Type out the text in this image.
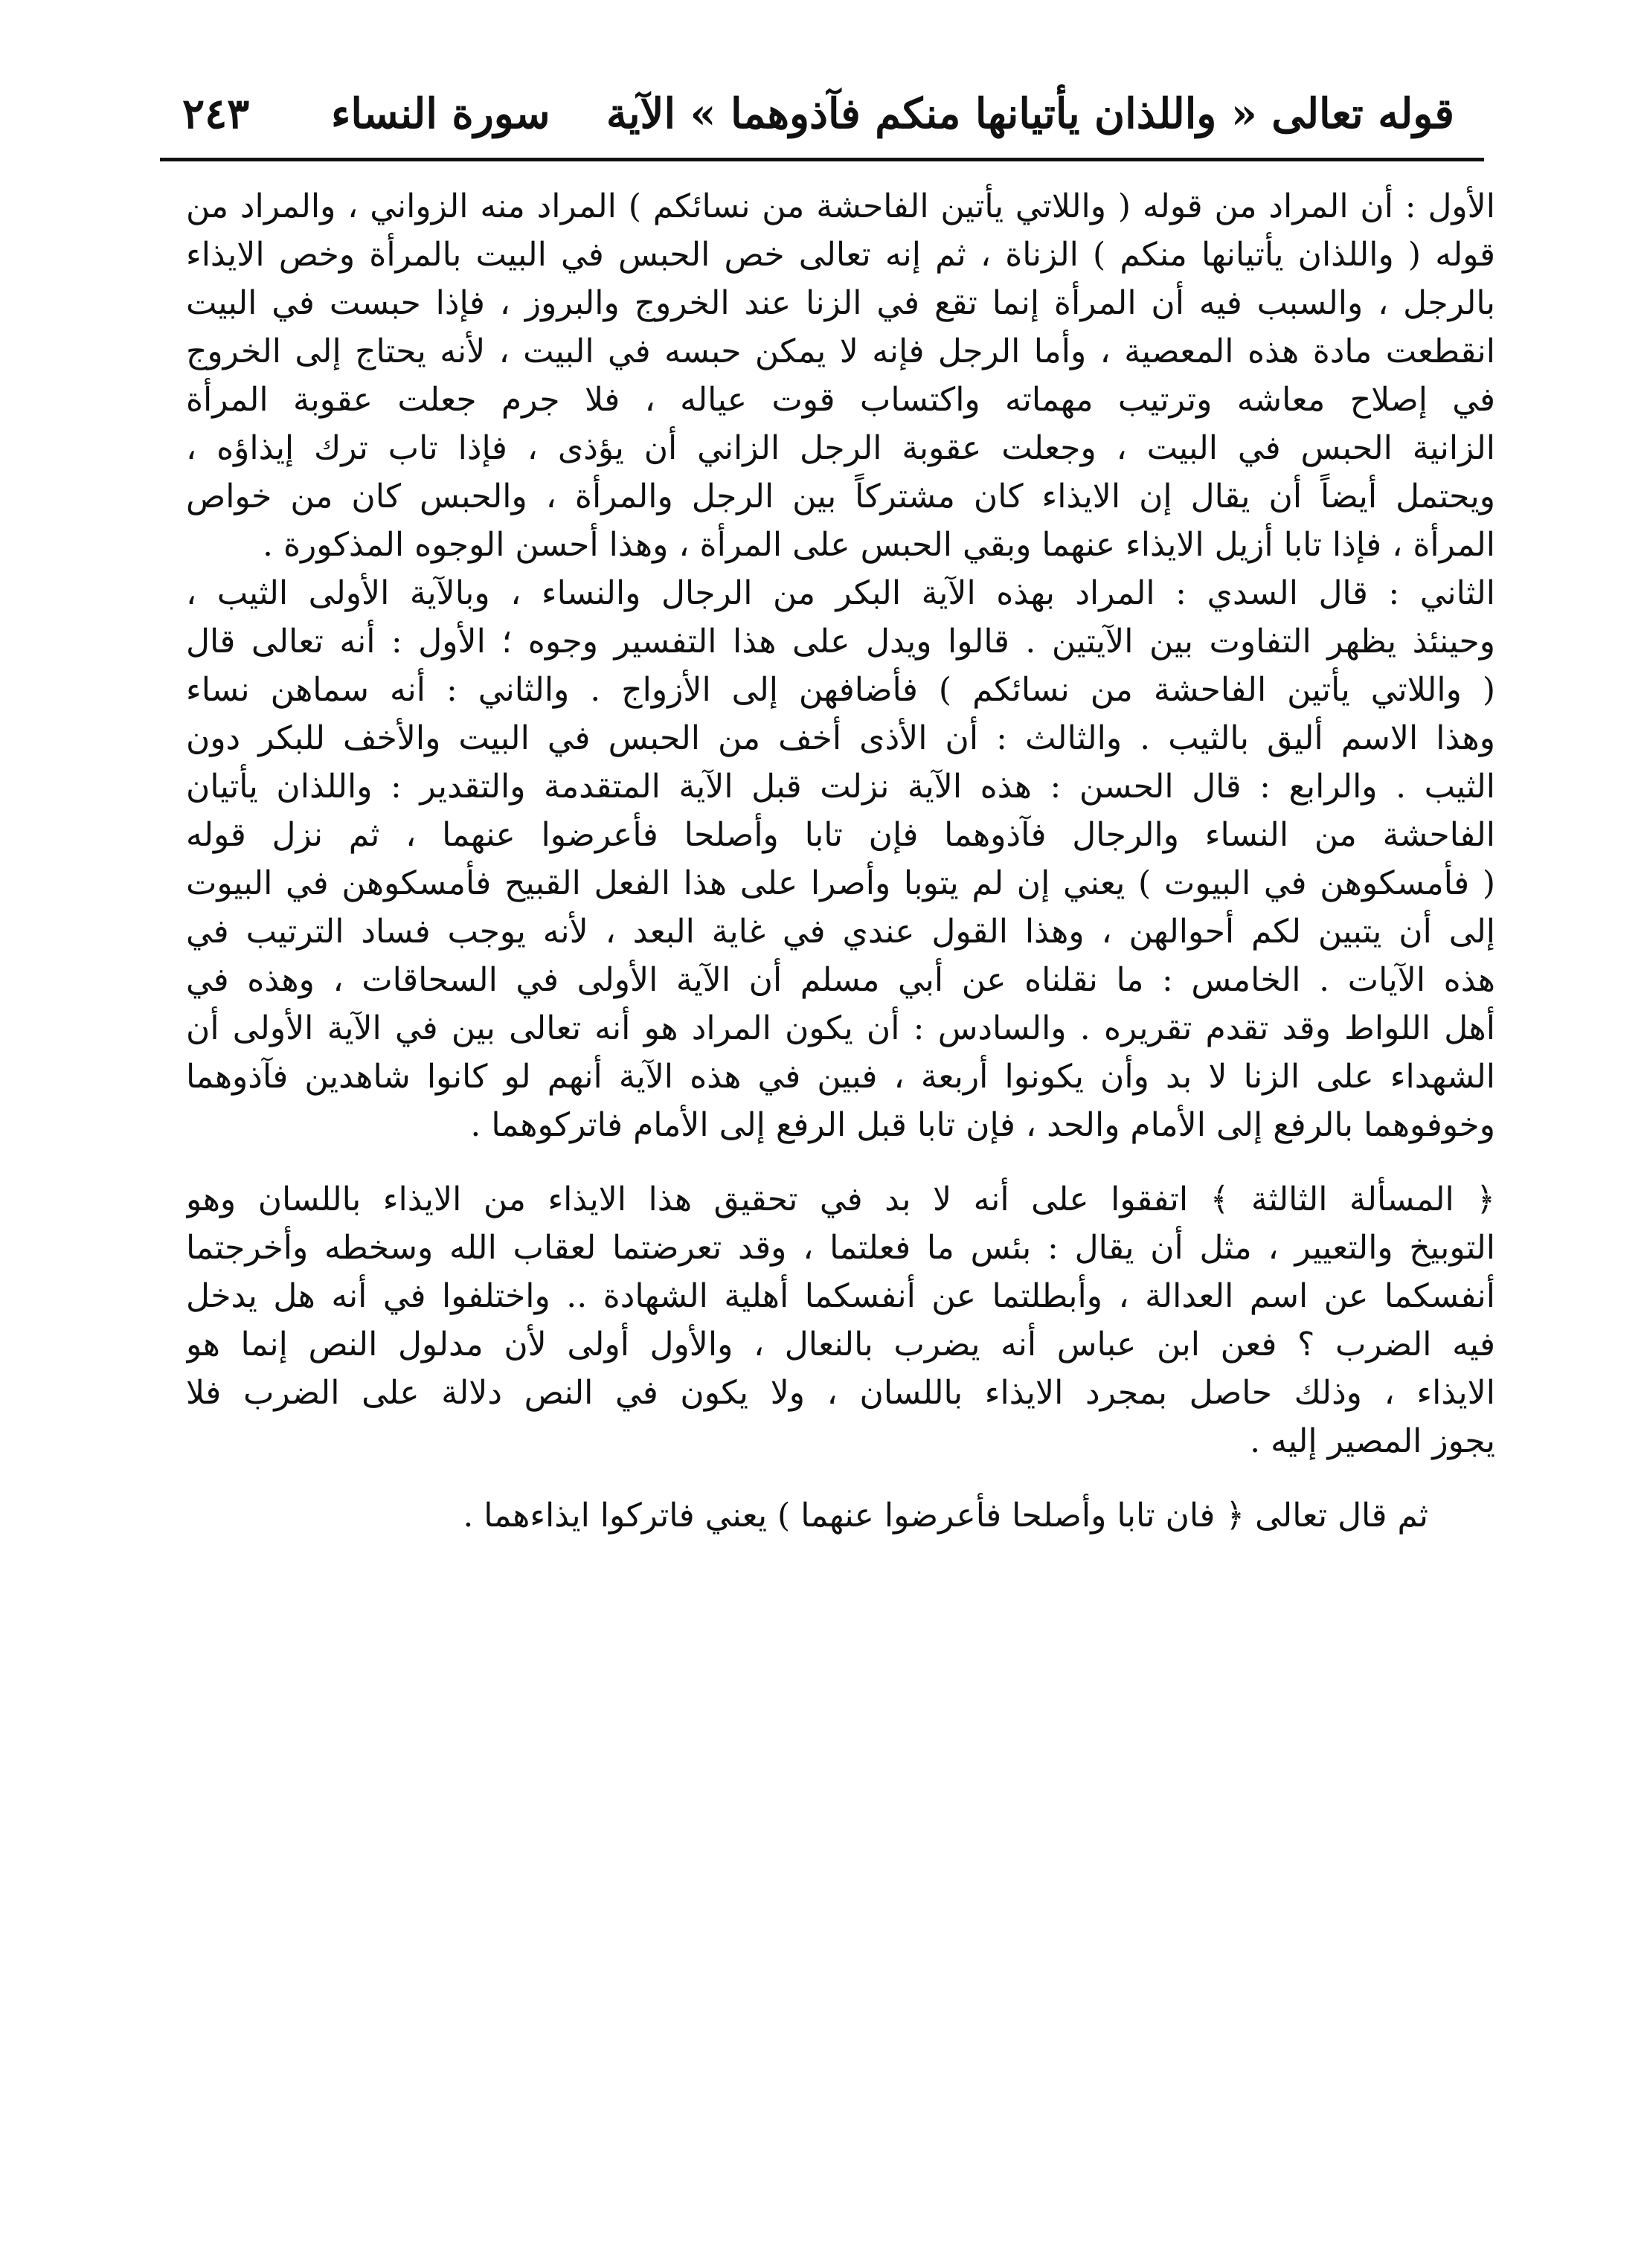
قوله تعالى « واللذان يأتيانها منكم فآذوهما » الآية
سورة النساء
٢٤٣
الأول : أن المراد من قوله ( واللاتي يأتين الفاحشة من نسائكم ) المراد منه الزواني ، والمراد من
قوله ( واللذان يأتيانها منكم ) الزناة ، ثم إنه تعالى خص الحبس في البيت بالمرأة وخص الايذاء
بالرجل ، والسبب فيه أن المرأة إنما تقع في الزنا عند الخروج والبروز ، فإذا حبست في البيت
انقطعت مادة هذه المعصية ، وأما الرجل فإنه لا يمكن حبسه في البيت ، لأنه يحتاج إلى الخروج
في إصلاح معاشه وترتيب مهماته واكتساب قوت عياله ، فلا جرم جعلت عقوبة المرأة
الزانية الحبس في البيت ، وجعلت عقوبة الرجل الزاني أن يؤذى ، فإذا تاب ترك إيذاؤه ،
ويحتمل أيضاً أن يقال إن الايذاء كان مشتركاً بين الرجل والمرأة ، والحبس كان من خواص
المرأة ، فإذا تابا أزيل الايذاء عنهما وبقي الحبس على المرأة ، وهذا أحسن الوجوه المذكورة .
الثاني : قال السدي : المراد بهذه الآية البكر من الرجال والنساء ، وبالآية الأولى الثيب ،
وحينئذ يظهر التفاوت بين الآيتين . قالوا ويدل على هذا التفسير وجوه ؛ الأول : أنه تعالى قال
( واللاتي يأتين الفاحشة من نسائكم ) فأضافهن إلى الأزواج . والثاني : أنه سماهن نساء
وهذا الاسم أليق بالثيب . والثالث : أن الأذى أخف من الحبس في البيت والأخف للبكر دون
الثيب . والرابع : قال الحسن : هذه الآية نزلت قبل الآية المتقدمة والتقدير : واللذان يأتيان
الفاحشة من النساء والرجال فآذوهما فإن تابا وأصلحا فأعرضوا عنهما ، ثم نزل قوله
( فأمسكوهن في البيوت ) يعني إن لم يتوبا وأصرا على هذا الفعل القبيح فأمسكوهن في البيوت
إلى أن يتبين لكم أحوالهن ، وهذا القول عندي في غاية البعد ، لأنه يوجب فساد الترتيب في
هذه الآيات . الخامس : ما نقلناه عن أبي مسلم أن الآية الأولى في السحاقات ، وهذه في
أهل اللواط وقد تقدم تقريره . والسادس : أن يكون المراد هو أنه تعالى بين في الآية الأولى أن
الشهداء على الزنا لا بد وأن يكونوا أربعة ، فبين في هذه الآية أنهم لو كانوا شاهدين فآذوهما
وخوفوهما بالرفع إلى الأمام والحد ، فإن تابا قبل الرفع إلى الأمام فاتركوهما .
﴿ المسألة الثالثة ﴾ اتفقوا على أنه لا بد في تحقيق هذا الايذاء من الايذاء باللسان وهو
التوبيخ والتعيير ، مثل أن يقال : بئس ما فعلتما ، وقد تعرضتما لعقاب الله وسخطه وأخرجتما
أنفسكما عن اسم العدالة ، وأبطلتما عن أنفسكما أهلية الشهادة .. واختلفوا في أنه هل يدخل
فيه الضرب ؟ فعن ابن عباس أنه يضرب بالنعال ، والأول أولى لأن مدلول النص إنما هو
الايذاء ، وذلك حاصل بمجرد الايذاء باللسان ، ولا يكون في النص دلالة على الضرب فلا
يجوز المصير إليه .
ثم قال تعالى ﴿ فان تابا وأصلحا فأعرضوا عنهما ) يعني فاتركوا ايذاءهما .
